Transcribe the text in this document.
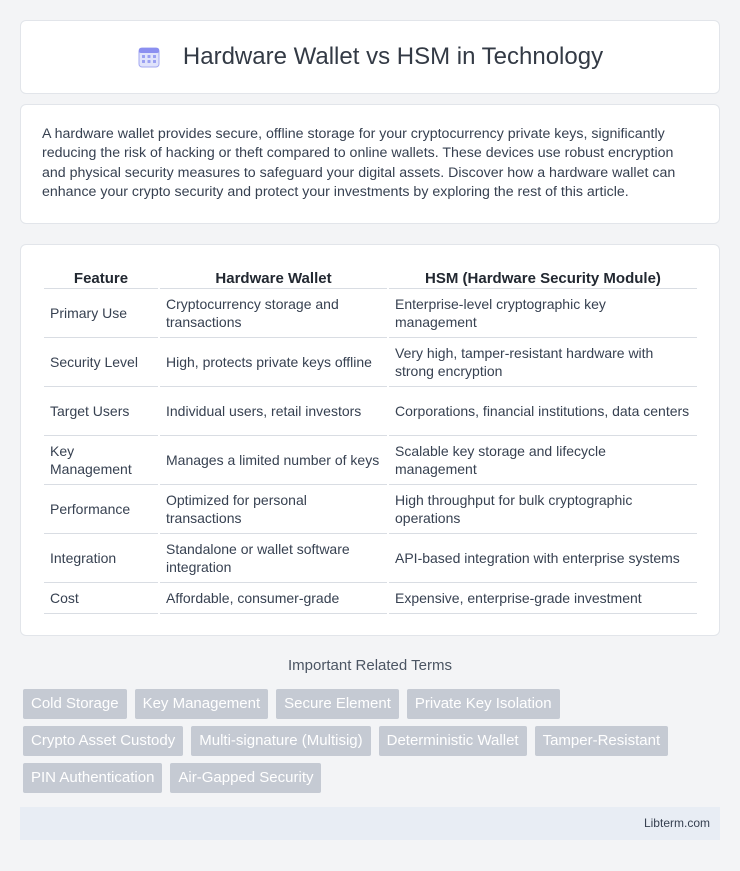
Hardware Wallet vs HSM in Technology

A hardware wallet provides secure, offline storage for your cryptocurrency private keys, significantly reducing the risk of hacking or theft compared to online wallets. These devices use robust encryption and physical security measures to safeguard your digital assets. Discover how a hardware wallet can enhance your crypto security and protect your investments by exploring the rest of this article.

Feature	Hardware Wallet	HSM (Hardware Security Module)
Primary Use	Cryptocurrency storage and transactions	Enterprise-level cryptographic key management
Security Level	High, protects private keys offline	Very high, tamper-resistant hardware with strong encryption
Target Users	Individual users, retail investors	Corporations, financial institutions, data centers
Key Management	Manages a limited number of keys	Scalable key storage and lifecycle management
Performance	Optimized for personal transactions	High throughput for bulk cryptographic operations
Integration	Standalone or wallet software integration	API-based integration with enterprise systems
Cost	Affordable, consumer-grade	Expensive, enterprise-grade investment
Important Related Terms
Cold Storage	Key Management	Secure Element	Private Key Isolation
Crypto Asset Custody	Multi-signature (Multisig)	Deterministic Wallet	Tamper-Resistant
PIN Authentication	Air-Gapped Security
Libterm.com
